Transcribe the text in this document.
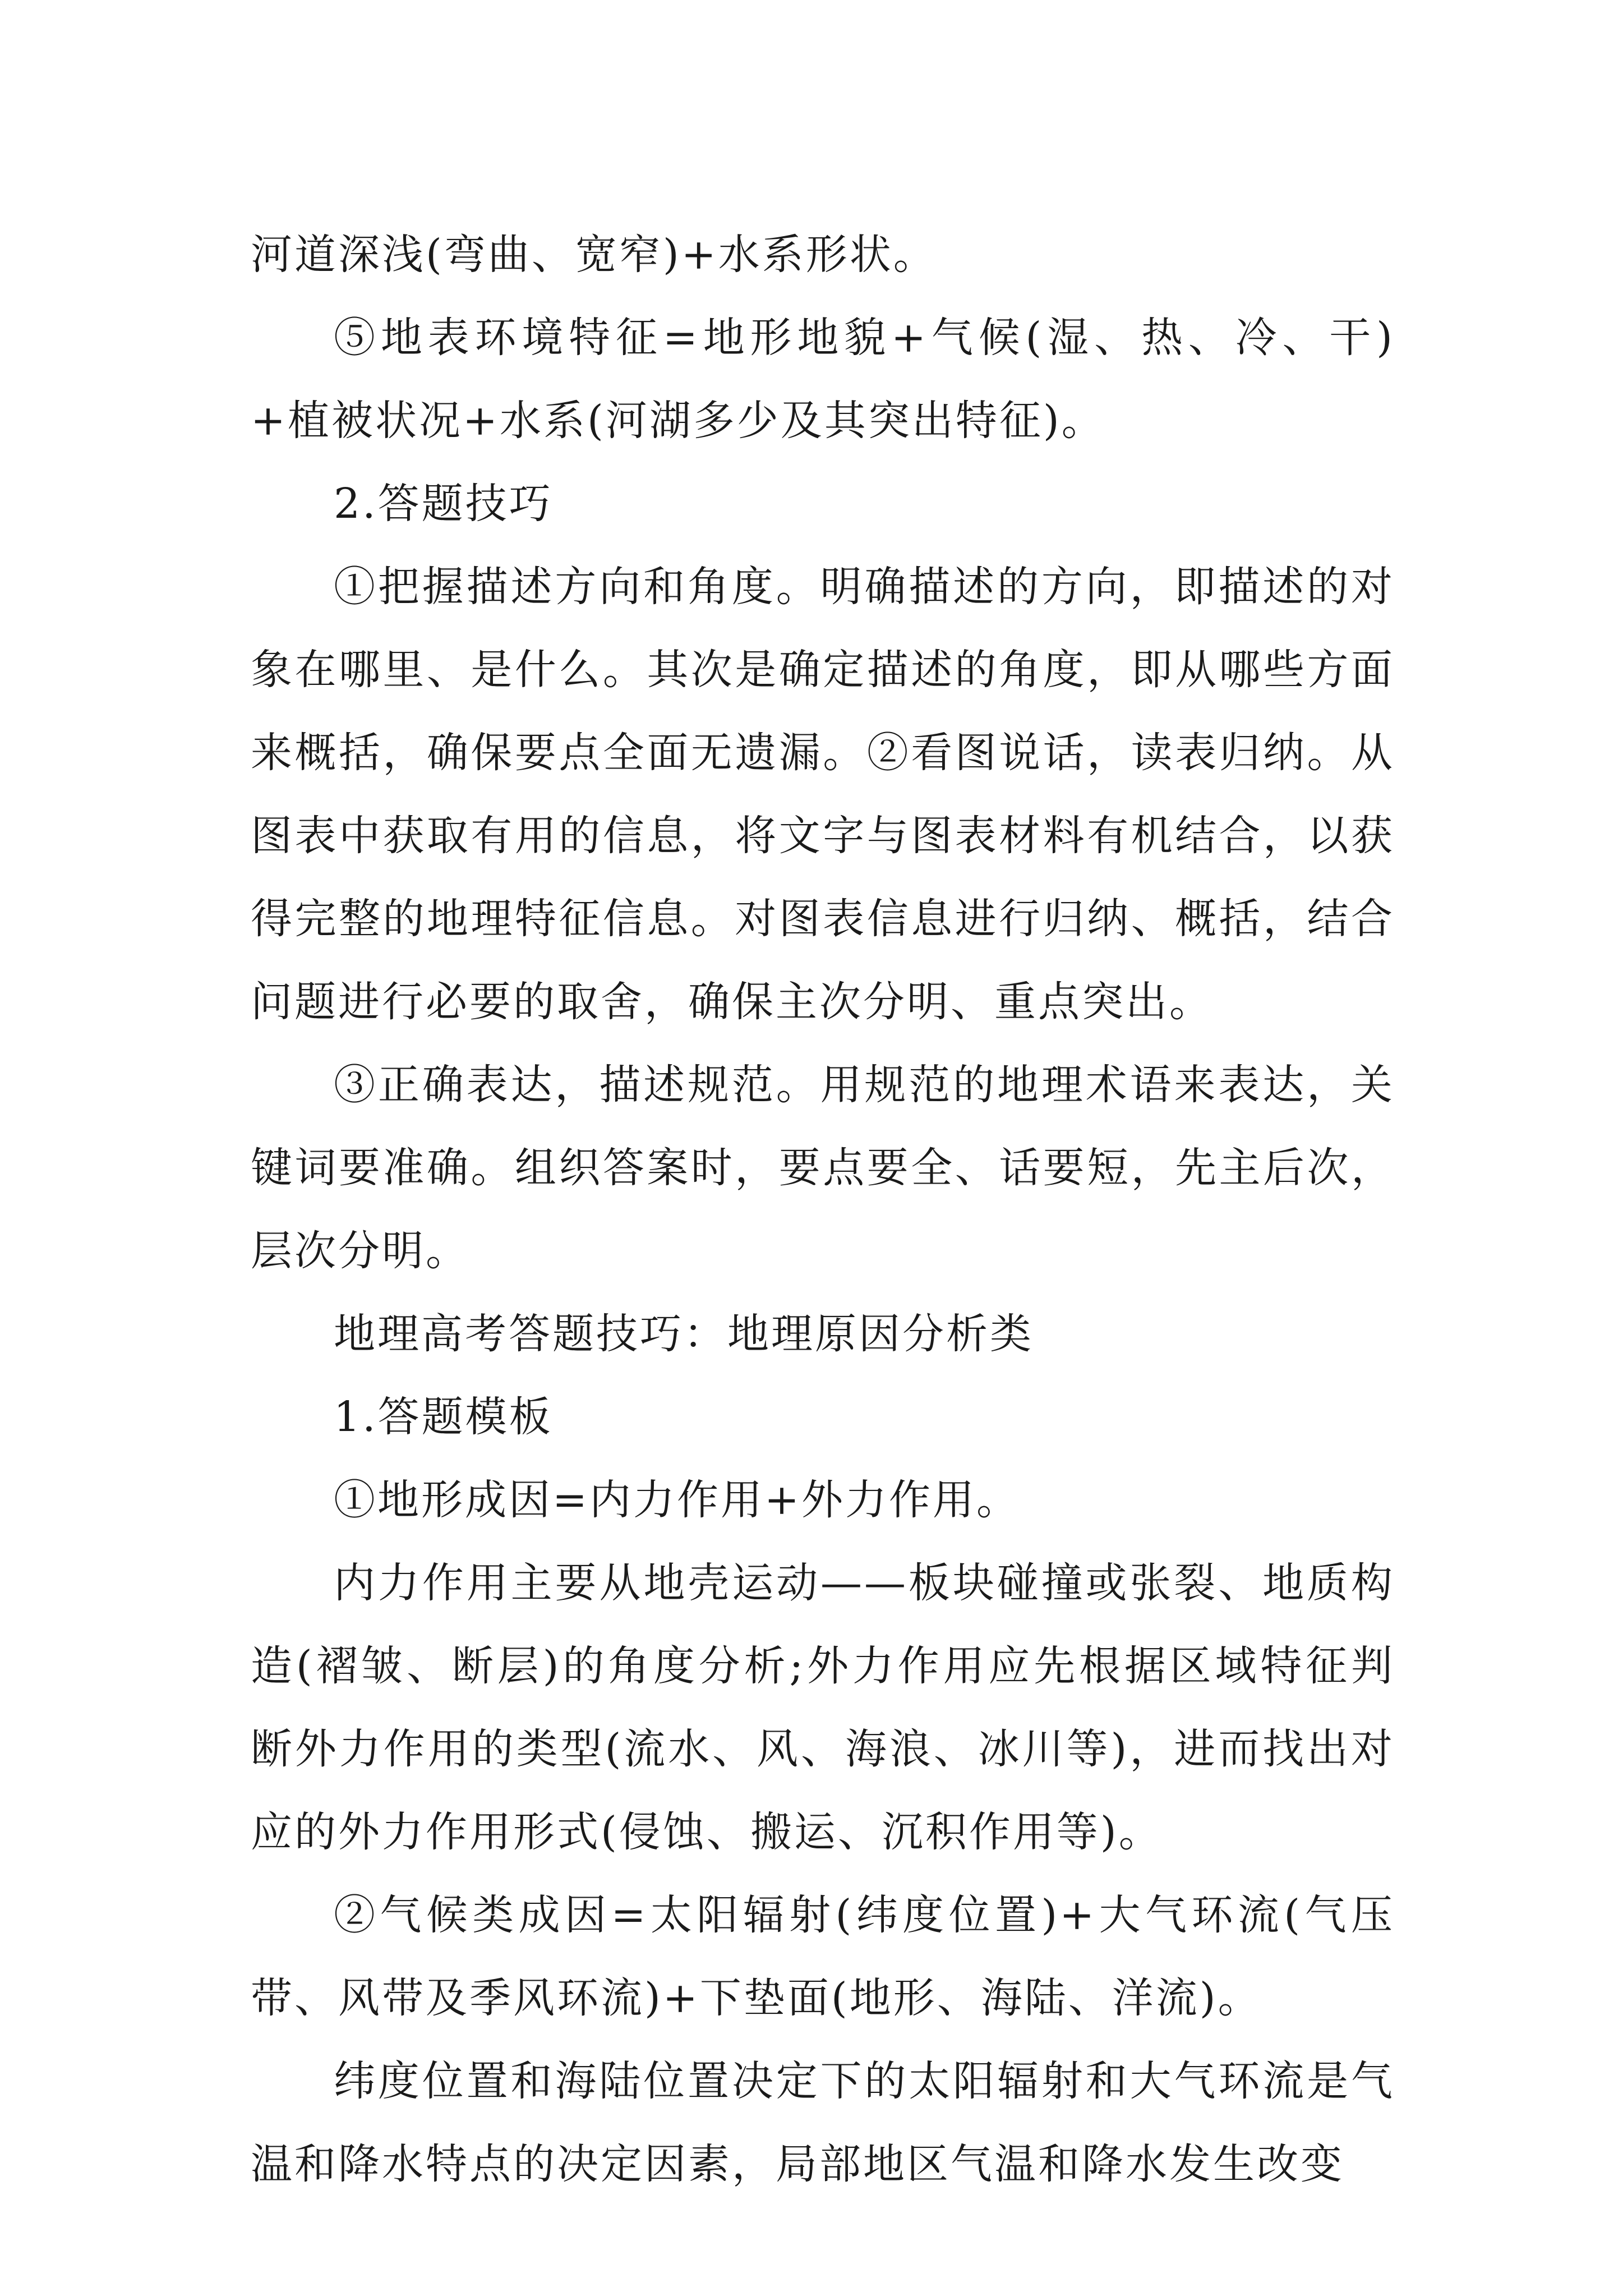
河道深浅(弯曲、宽窄)+水系形状。

⑤地表环境特征=地形地貌+气候(湿、热、冷、干)+植被状况+水系(河湖多少及其突出特征)。

2.答题技巧

①把握描述方向和角度。明确描述的方向，即描述的对象在哪里、是什么。其次是确定描述的角度，即从哪些方面来概括，确保要点全面无遗漏。②看图说话，读表归纳。从图表中获取有用的信息，将文字与图表材料有机结合，以获得完整的地理特征信息。对图表信息进行归纳、概括，结合问题进行必要的取舍，确保主次分明、重点突出。

③正确表达，描述规范。用规范的地理术语来表达，关键词要准确。组织答案时，要点要全、话要短，先主后次，层次分明。

地理高考答题技巧：地理原因分析类

1.答题模板

①地形成因=内力作用+外力作用。

内力作用主要从地壳运动——板块碰撞或张裂、地质构造(褶皱、断层)的角度分析;外力作用应先根据区域特征判断外力作用的类型(流水、风、海浪、冰川等)，进而找出对应的外力作用形式(侵蚀、搬运、沉积作用等)。

②气候类成因=太阳辐射(纬度位置)+大气环流(气压带、风带及季风环流)+下垫面(地形、海陆、洋流)。

纬度位置和海陆位置决定下的太阳辐射和大气环流是气温和降水特点的决定因素，局部地区气温和降水发生改变
